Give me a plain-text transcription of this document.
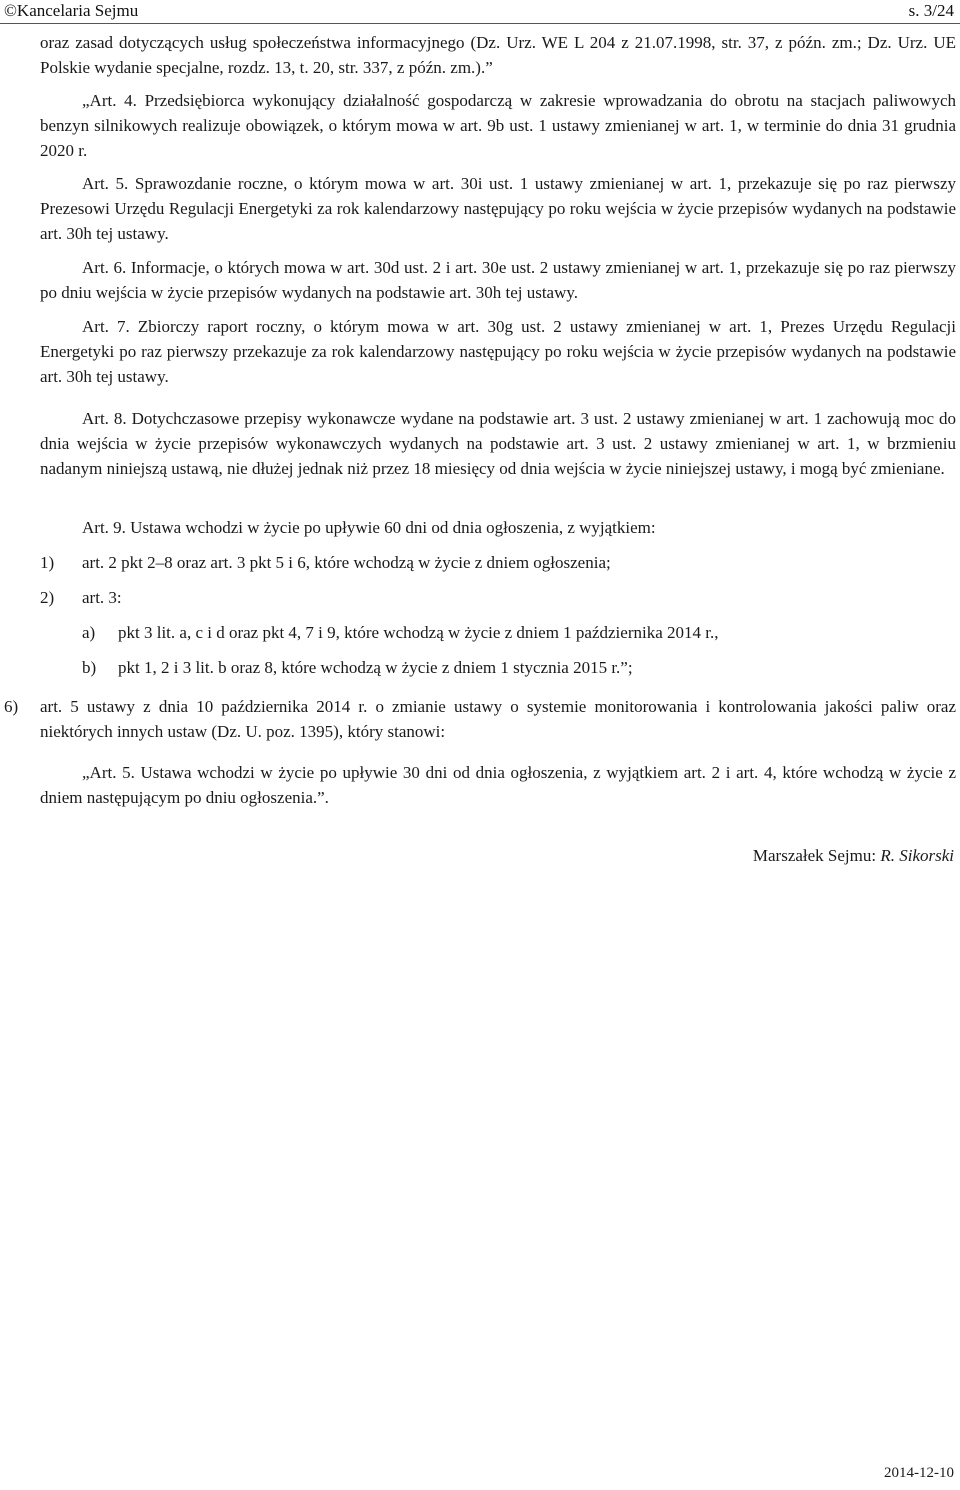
©Kancelaria Sejmu	s. 3/24
oraz zasad dotyczących usług społeczeństwa informacyjnego (Dz. Urz. WE L 204 z 21.07.1998, str. 37, z późn. zm.; Dz. Urz. UE Polskie wydanie specjalne, rozdz. 13, t. 20, str. 337, z późn. zm.).”
„Art. 4. Przedsiębiorca wykonujący działalność gospodarczą w zakresie wprowadzania do obrotu na stacjach paliwowych benzyn silnikowych realizuje obowiązek, o którym mowa w art. 9b ust. 1 ustawy zmienianej w art. 1, w terminie do dnia 31 grudnia 2020 r.
Art. 5. Sprawozdanie roczne, o którym mowa w art. 30i ust. 1 ustawy zmienianej w art. 1, przekazuje się po raz pierwszy Prezesowi Urzędu Regulacji Energetyki za rok kalendarzowy następujący po roku wejścia w życie przepisów wydanych na podstawie art. 30h tej ustawy.
Art. 6. Informacje, o których mowa w art. 30d ust. 2 i art. 30e ust. 2 ustawy zmienianej w art. 1, przekazuje się po raz pierwszy po dniu wejścia w życie przepisów wydanych na podstawie art. 30h tej ustawy.
Art. 7. Zbiorczy raport roczny, o którym mowa w art. 30g ust. 2 ustawy zmienianej w art. 1, Prezes Urzędu Regulacji Energetyki po raz pierwszy przekazuje za rok kalendarzowy następujący po roku wejścia w życie przepisów wydanych na podstawie art. 30h tej ustawy.
Art. 8. Dotychczasowe przepisy wykonawcze wydane na podstawie art. 3 ust. 2 ustawy zmienianej w art. 1 zachowują moc do dnia wejścia w życie przepisów wykonawczych wydanych na podstawie art. 3 ust. 2 ustawy zmienianej w art. 1, w brzmieniu nadanym niniejszą ustawą, nie dłużej jednak niż przez 18 miesięcy od dnia wejścia w życie niniejszej ustawy, i mogą być zmieniane.
Art. 9. Ustawa wchodzi w życie po upływie 60 dni od dnia ogłoszenia, z wyjątkiem:
1) art. 2 pkt 2–8 oraz art. 3 pkt 5 i 6, które wchodzą w życie z dniem ogłoszenia;
2) art. 3:
a) pkt 3 lit. a, c i d oraz pkt 4, 7 i 9, które wchodzą w życie z dniem 1 października 2014 r.,
b) pkt 1, 2 i 3 lit. b oraz 8, które wchodzą w życie z dniem 1 stycznia 2015 r.”;
6) art. 5 ustawy z dnia 10 października 2014 r. o zmianie ustawy o systemie monitorowania i kontrolowania jakości paliw oraz niektórych innych ustaw (Dz. U. poz. 1395), który stanowi:
„Art. 5. Ustawa wchodzi w życie po upływie 30 dni od dnia ogłoszenia, z wyjątkiem art. 2 i art. 4, które wchodzą w życie z dniem następującym po dniu ogłoszenia.”.
Marszałek Sejmu: R. Sikorski
2014-12-10
